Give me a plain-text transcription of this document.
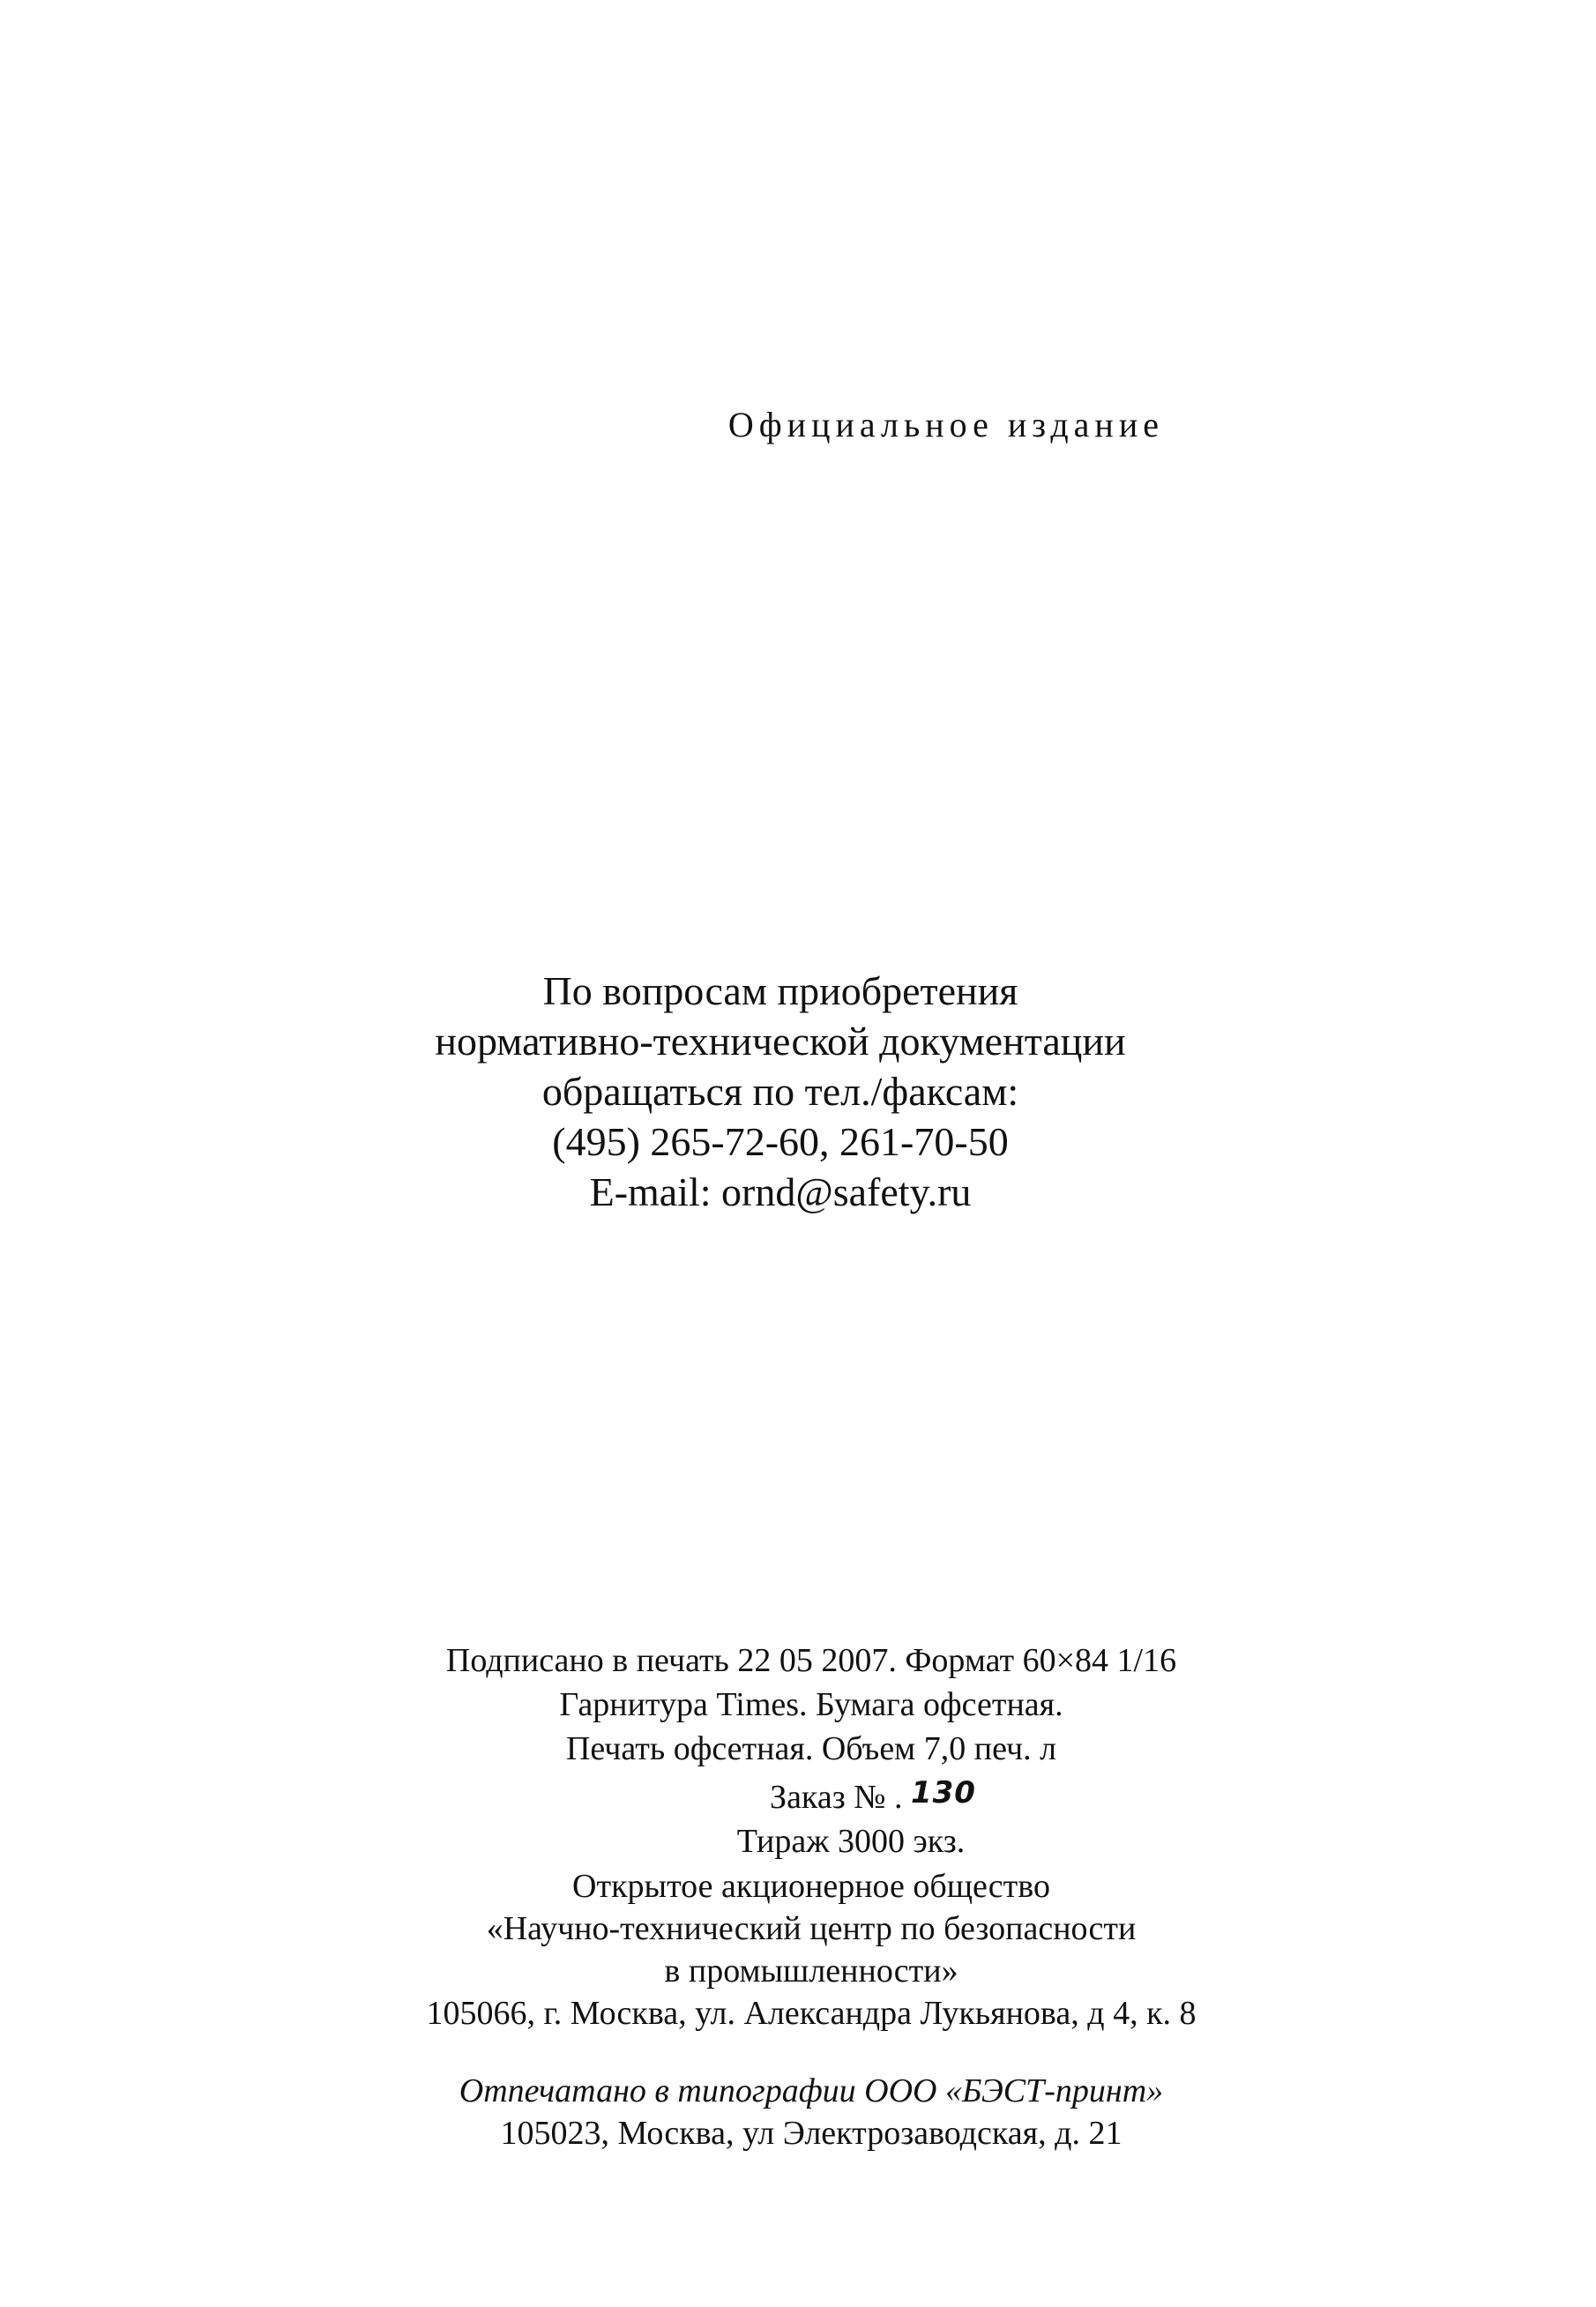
Официальное издание
По вопросам приобретения
нормативно-технической документации
обращаться по тел./факсам:
(495) 265-72-60, 261-70-50
E-mail: ornd@safety.ru
Подписано в печать 22 05 2007. Формат 60×84 1/16
Гарнитура Times. Бумага офсетная.
Печать офсетная. Объем 7,0 печ. л
Заказ № . 130
Тираж 3000 экз.
Открытое акционерное общество
«Научно-технический центр по безопасности
в промышленности»
105066, г. Москва, ул. Александра Лукьянова, д 4, к. 8
Отпечатано в типографии ООО «БЭСТ-принт»
105023, Москва, ул Электрозаводская, д. 21
